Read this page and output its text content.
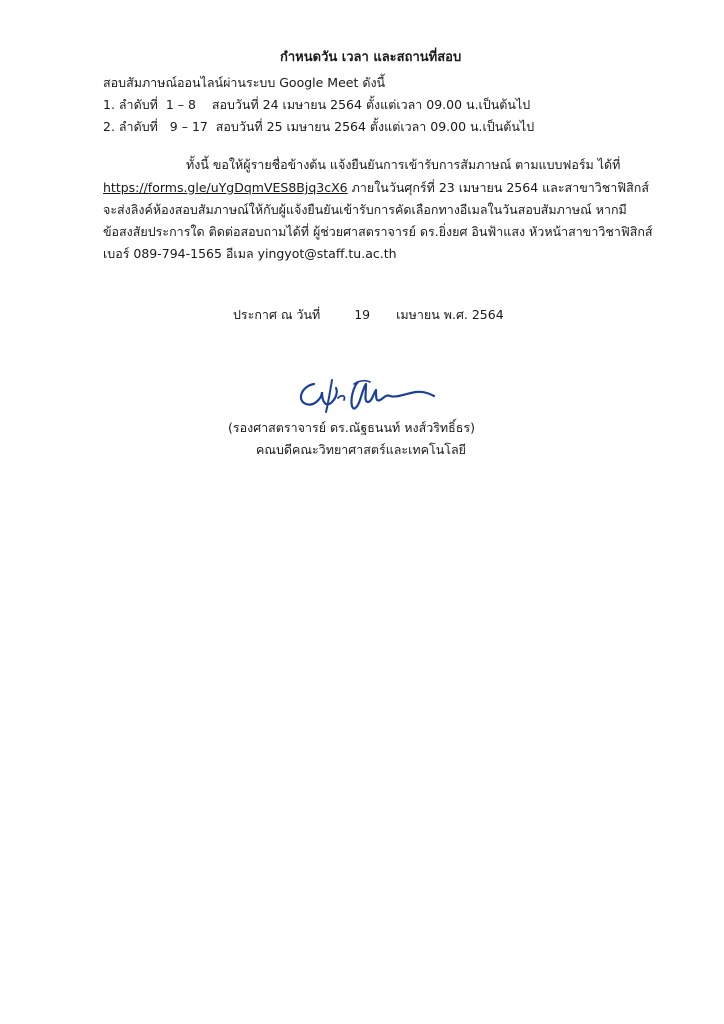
กำหนดวัน เวลา และสถานที่สอบ
สอบสัมภาษณ์ออนไลน์ผ่านระบบ Google Meet ดังนี้
1. ลำดับที่  1 – 8    สอบวันที่ 24 เมษายน 2564 ตั้งแต่เวลา 09.00 น.เป็นต้นไป
2. ลำดับที่   9 – 17  สอบวันที่ 25 เมษายน 2564 ตั้งแต่เวลา 09.00 น.เป็นต้นไป
ทั้งนี้ ขอให้ผู้รายชื่อข้างต้น แจ้งยืนยันการเข้ารับการสัมภาษณ์ ตามแบบฟอร์ม ได้ที่
https://forms.gle/uYgDqmVES8Bjq3cX6 ภายในวันศุกร์ที่ 23 เมษายน 2564 และสาขาวิชาฟิสิกส์
จะส่งลิงค์ห้องสอบสัมภาษณ์ให้กับผู้แจ้งยืนยันเข้ารับการคัดเลือกทางอีเมลในวันสอบสัมภาษณ์ หากมี
ข้อสงสัยประการใด ติดต่อสอบถามได้ที่ ผู้ช่วยศาสตราจารย์ ดร.ยิ่งยศ อินฟ้าแสง หัวหน้าสาขาวิชาฟิสิกส์
เบอร์ 089-794-1565 อีเมล yingyot@staff.tu.ac.th
ประกาศ ณ วันที่	19 เมษายน พ.ศ. 2564
(รองศาสตราจารย์ ดร.ณัฐธนนท์ หงส์วริทธิ์ธร)
คณบดีคณะวิทยาศาสตร์และเทคโนโลยี
